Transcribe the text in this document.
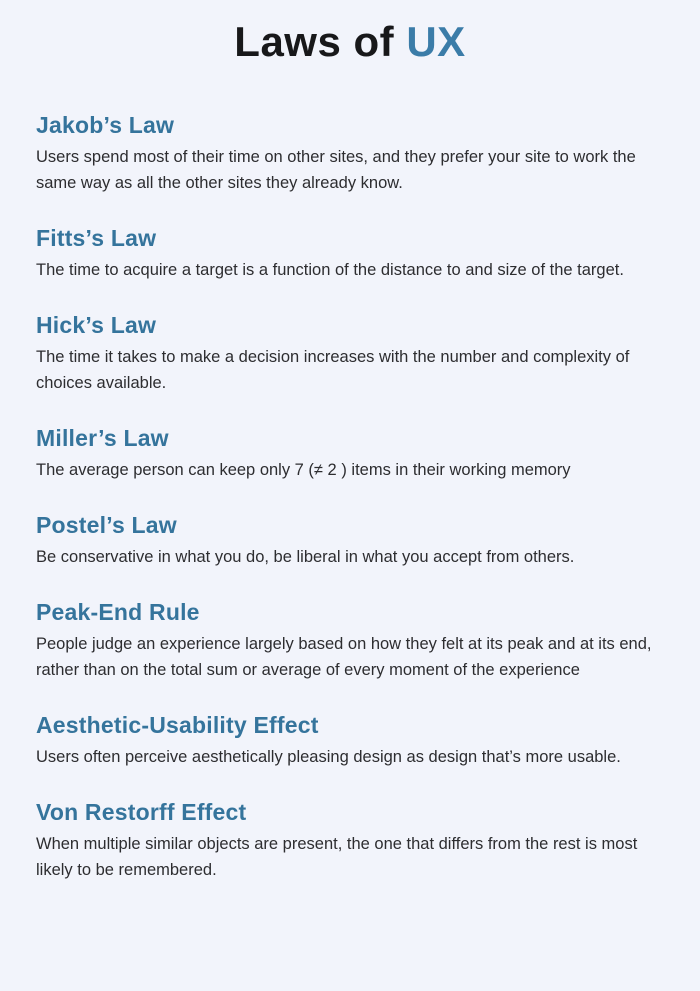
Laws of UX
Jakob’s Law

Users spend most of their time on other sites, and they prefer your site to work the same way as all the other sites they already know.

Fitts’s Law

The time to acquire a target is a function of the distance to and size of the target.

Hick’s Law

The time it takes to make a decision increases with the number and complexity of choices available.

Miller’s Law

The average person can keep only 7 (≠ 2 ) items in their working memory

Postel’s Law

Be conservative in what you do, be liberal in what you accept from others.

Peak-End Rule

People judge an experience largely based on how they felt at its peak and at its end, rather than on the total sum or average of every moment of the experience

Aesthetic-Usability Effect

Users often perceive aesthetically pleasing design as design that’s more usable.

Von Restorff Effect

When multiple similar objects are present, the one that differs from the rest is most likely to be remembered.
